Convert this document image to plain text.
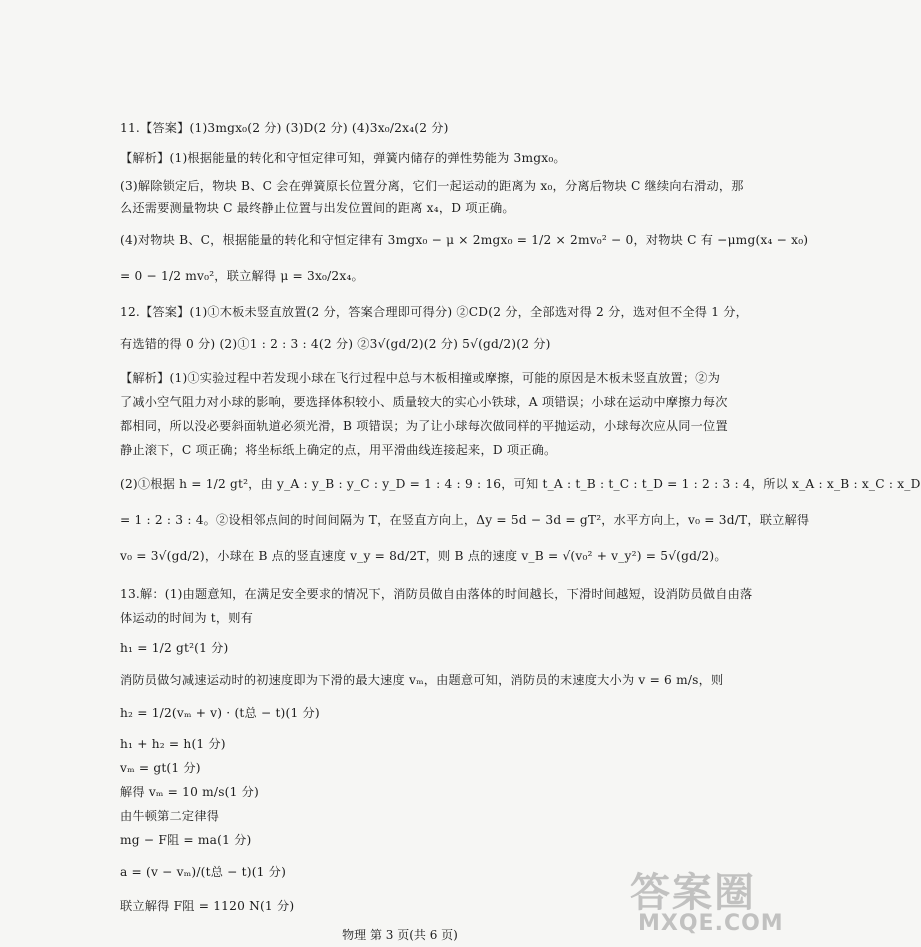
11.【答案】(1)3mgx₀(2 分) (3)D(2 分) (4)3x₀/2x₄(2 分)
【解析】(1)根据能量的转化和守恒定律可知，弹簧内储存的弹性势能为 3mgx₀。
(3)解除锁定后，物块 B、C 会在弹簧原长位置分离，它们一起运动的距离为 x₀，分离后物块 C 继续向右滑动，那
么还需要测量物块 C 最终静止位置与出发位置间的距离 x₄，D 项正确。
(4)对物块 B、C，根据能量的转化和守恒定律有 3mgx₀ − μ × 2mgx₀ = 1/2 × 2mv₀² − 0，对物块 C 有 −μmg(x₄ − x₀)
= 0 − 1/2 mv₀²，联立解得 μ = 3x₀/2x₄。
12.【答案】(1)①木板未竖直放置(2 分，答案合理即可得分) ②CD(2 分，全部选对得 2 分，选对但不全得 1 分，
有选错的得 0 分) (2)①1 : 2 : 3 : 4(2 分) ②3√(gd/2)(2 分) 5√(gd/2)(2 分)
【解析】(1)①实验过程中若发现小球在飞行过程中总与木板相撞或摩擦，可能的原因是木板未竖直放置；②为
了减小空气阻力对小球的影响，要选择体积较小、质量较大的实心小铁球，A 项错误；小球在运动中摩擦力每次
都相同，所以没必要斜面轨道必须光滑，B 项错误；为了让小球每次做同样的平抛运动，小球每次应从同一位置
静止滚下，C 项正确；将坐标纸上确定的点，用平滑曲线连接起来，D 项正确。
(2)①根据 h = 1/2 gt²，由 y_A : y_B : y_C : y_D = 1 : 4 : 9 : 16，可知 t_A : t_B : t_C : t_D = 1 : 2 : 3 : 4，所以 x_A : x_B : x_C : x_D
= 1 : 2 : 3 : 4。②设相邻点间的时间间隔为 T，在竖直方向上，Δy = 5d − 3d = gT²，水平方向上，v₀ = 3d/T，联立解得
v₀ = 3√(gd/2)，小球在 B 点的竖直速度 v_y = 8d/2T，则 B 点的速度 v_B = √(v₀² + v_y²) = 5√(gd/2)。
13.解：(1)由题意知，在满足安全要求的情况下，消防员做自由落体的时间越长，下滑时间越短，设消防员做自由落
体运动的时间为 t，则有
h₁ = 1/2 gt²(1 分)
消防员做匀减速运动时的初速度即为下滑的最大速度 vₘ，由题意可知，消防员的末速度大小为 v = 6 m/s，则
h₂ = 1/2(vₘ + v) · (t总 − t)(1 分)
h₁ + h₂ = h(1 分)
vₘ = gt(1 分)
解得 vₘ = 10 m/s(1 分)
由牛顿第二定律得
mg − F阻 = ma(1 分)
a = (v − vₘ)/(t总 − t)(1 分)
联立解得 F阻 = 1120 N(1 分)	答案圈
MXQE.COM
物理 第 3 页(共 6 页)
